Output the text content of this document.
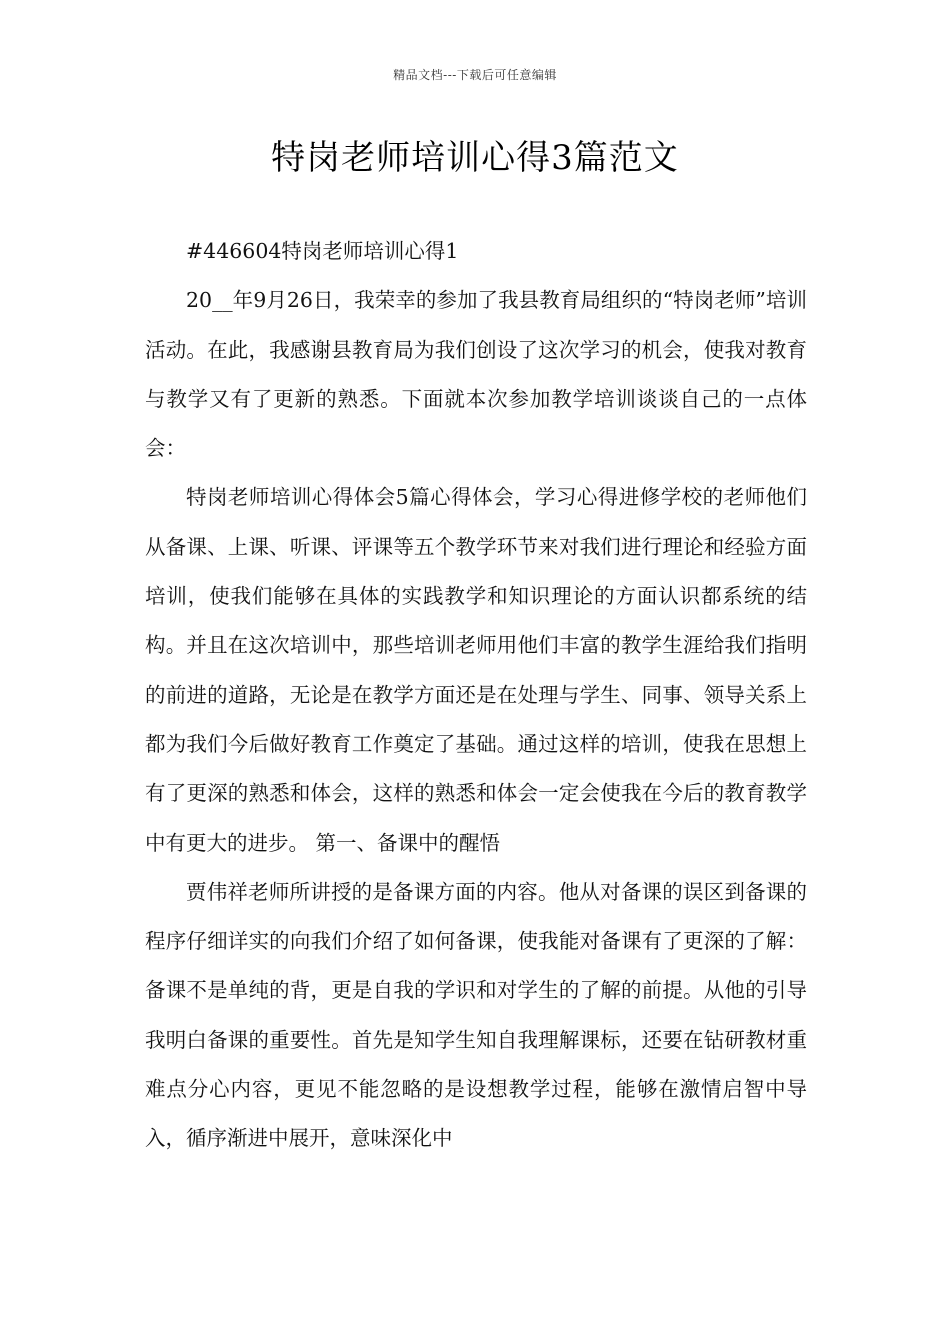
精品文档---下载后可任意编辑
特岗老师培训心得3篇范文

#446604特岗老师培训心得1

20__年9月26日，我荣幸的参加了我县教育局组织的“特岗老师”培训活动。在此，我感谢县教育局为我们创设了这次学习的机会，使我对教育与教学又有了更新的熟悉。下面就本次参加教学培训谈谈自己的一点体会：

特岗老师培训心得体会5篇心得体会，学习心得进修学校的老师他们从备课、上课、听课、评课等五个教学环节来对我们进行理论和经验方面培训，使我们能够在具体的实践教学和知识理论的方面认识都系统的结构。并且在这次培训中，那些培训老师用他们丰富的教学生涯给我们指明的前进的道路，无论是在教学方面还是在处理与学生、同事、领导关系上都为我们今后做好教育工作奠定了基础。通过这样的培训，使我在思想上有了更深的熟悉和体会，这样的熟悉和体会一定会使我在今后的教育教学中有更大的进步。 第一、备课中的醒悟

贾伟祥老师所讲授的是备课方面的内容。他从对备课的误区到备课的程序仔细详实的向我们介绍了如何备课，使我能对备课有了更深的了解：备课不是单纯的背，更是自我的学识和对学生的了解的前提。从他的引导我明白备课的重要性。首先是知学生知自我理解课标，还要在钻研教材重难点分心内容，更见不能忽略的是设想教学过程，能够在激情启智中导入，循序渐进中展开，意味深化中
